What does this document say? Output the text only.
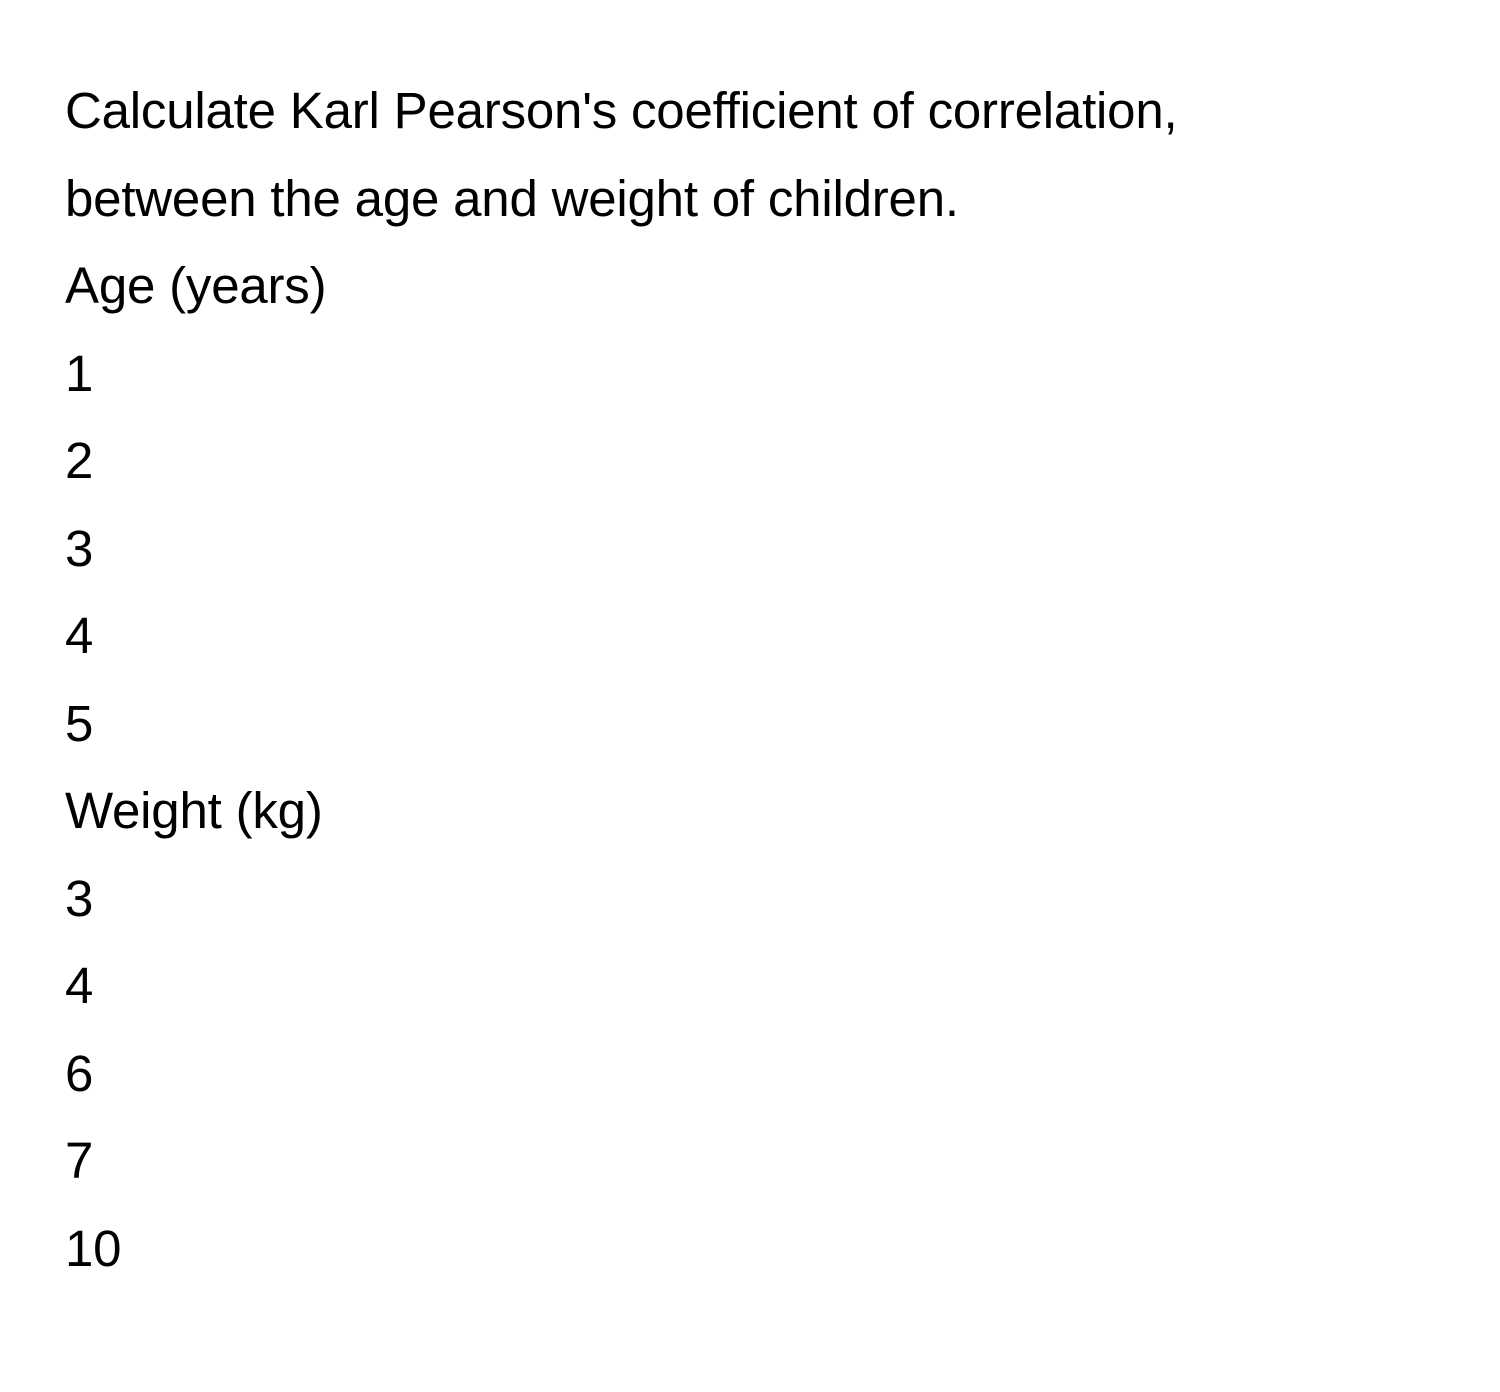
Calculate Karl Pearson's coefficient of correlation,
between the age and weight of children.
Age (years)
1
2
3
4
5
Weight (kg)
3
4
6
7
10
